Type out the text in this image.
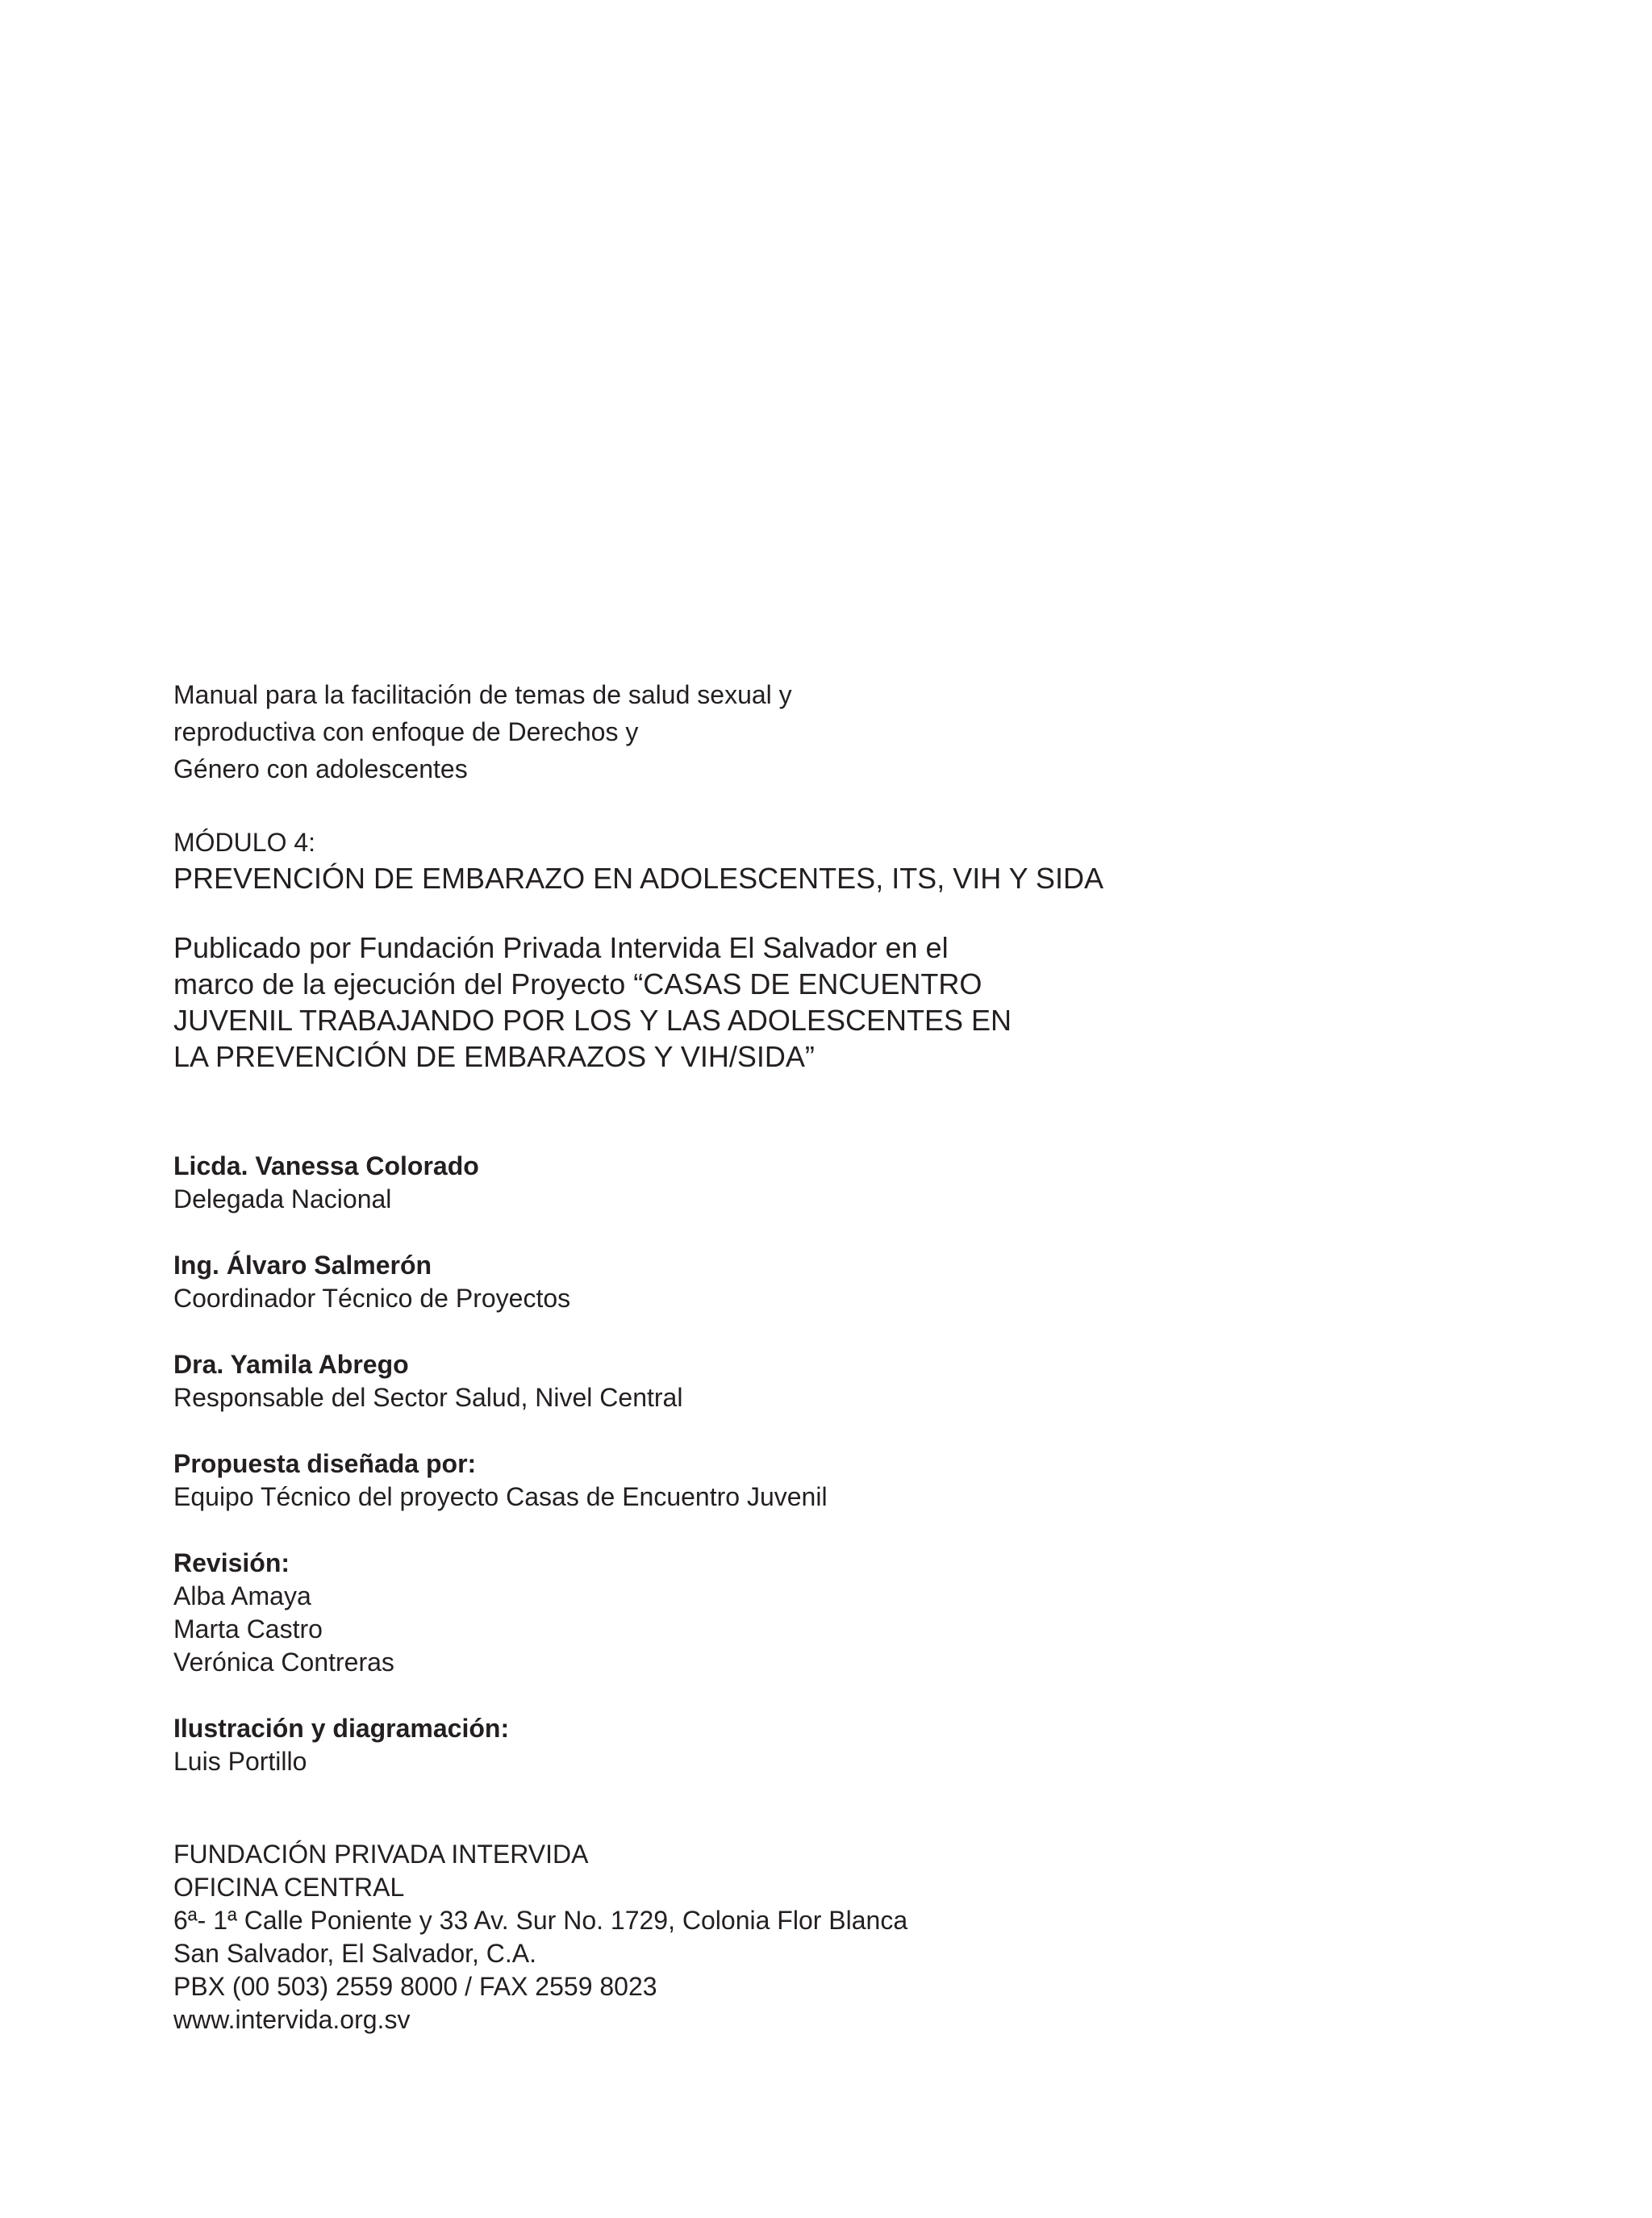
Manual para la facilitación de temas de salud sexual y
reproductiva con enfoque de Derechos y
Género con adolescentes
MÓDULO 4:
PREVENCIÓN DE EMBARAZO EN ADOLESCENTES, ITS, VIH Y SIDA
Publicado por Fundación Privada Intervida El Salvador en el
marco de la ejecución del Proyecto “CASAS DE ENCUENTRO
JUVENIL TRABAJANDO POR LOS Y LAS ADOLESCENTES EN
LA PREVENCIÓN DE EMBARAZOS Y VIH/SIDA”
Licda. Vanessa Colorado
Delegada Nacional
Ing. Álvaro Salmerón
Coordinador Técnico de Proyectos
Dra. Yamila Abrego
Responsable del Sector Salud, Nivel Central
Propuesta diseñada por:
Equipo Técnico del proyecto Casas de Encuentro Juvenil
Revisión:
Alba Amaya
Marta Castro
Verónica Contreras
Ilustración y diagramación:
Luis Portillo
FUNDACIÓN PRIVADA INTERVIDA
OFICINA CENTRAL
6ª- 1ª Calle Poniente y 33 Av. Sur No. 1729, Colonia Flor Blanca
San Salvador, El Salvador, C.A.
PBX (00 503) 2559 8000 / FAX 2559 8023
www.intervida.org.sv
